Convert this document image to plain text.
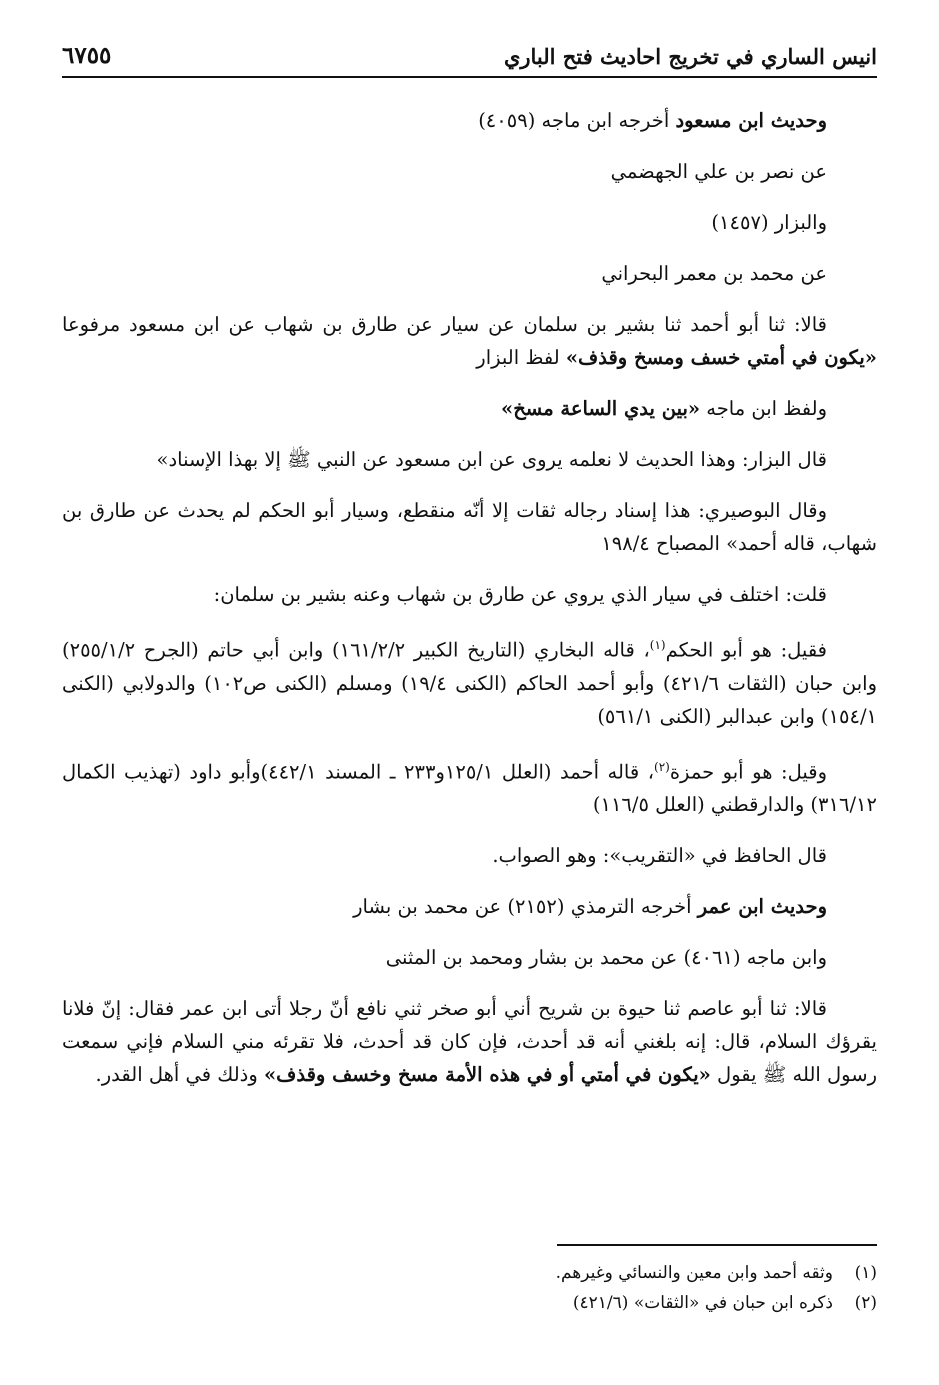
انيس الساري في تخريج احاديث فتح الباري
٦٧٥٥

وحديث ابن مسعود أخرجه ابن ماجه (٤٠٥٩)

عن نصر بن علي الجهضمي

والبزار (١٤٥٧)

عن محمد بن معمر البحراني

قالا: ثنا أبو أحمد ثنا بشير بن سلمان عن سيار عن طارق بن شهاب عن ابن مسعود مرفوعا «يكون في أمتي خسف ومسخ وقذف» لفظ البزار

ولفظ ابن ماجه «بين يدي الساعة مسخ»

قال البزار: وهذا الحديث لا نعلمه يروى عن ابن مسعود عن النبي ﷺ إلا بهذا الإسناد»

وقال البوصيري: هذا إسناد رجاله ثقات إلا أنّه منقطع، وسيار أبو الحكم لم يحدث عن طارق بن شهاب، قاله أحمد» المصباح ١٩٨/٤

قلت: اختلف في سيار الذي يروي عن طارق بن شهاب وعنه بشير بن سلمان:

فقيل: هو أبو الحكم$^{(١)}$، قاله البخاري (التاريخ الكبير ١٦١/٢/٢) وابن أبي حاتم (الجرح ٢٥٥/١/٢) وابن حبان (الثقات ٤٢١/٦) وأبو أحمد الحاكم (الكنى ١٩/٤) ومسلم (الكنى ص١٠٢) والدولابي (الكنى ١٥٤/١) وابن عبدالبر (الكنى ٥٦١/١)

وقيل: هو أبو حمزة$^{(٢)}$، قاله أحمد (العلل ١٢٥/١و٢٣٣ ـ المسند ٤٤٢/١)وأبو داود (تهذيب الكمال ٣١٦/١٢) والدارقطني (العلل ١١٦/٥)

قال الحافظ في «التقريب»: وهو الصواب.

وحديث ابن عمر أخرجه الترمذي (٢١٥٢) عن محمد بن بشار

وابن ماجه (٤٠٦١) عن محمد بن بشار ومحمد بن المثنى

قالا: ثنا أبو عاصم ثنا حيوة بن شريح أني أبو صخر ثني نافع أنّ رجلا أتى ابن عمر فقال: إنّ فلانا يقرؤك السلام، قال: إنه بلغني أنه قد أحدث، فإن كان قد أحدث، فلا تقرئه مني السلام فإني سمعت رسول الله ﷺ يقول «يكون في أمتي أو في هذه الأمة مسخ وخسف وقذف» وذلك في أهل القدر.

(١)وثقه أحمد وابن معين والنسائي وغيرهم.

(٢)ذكره ابن حبان في «الثقات» (٤٢١/٦)
